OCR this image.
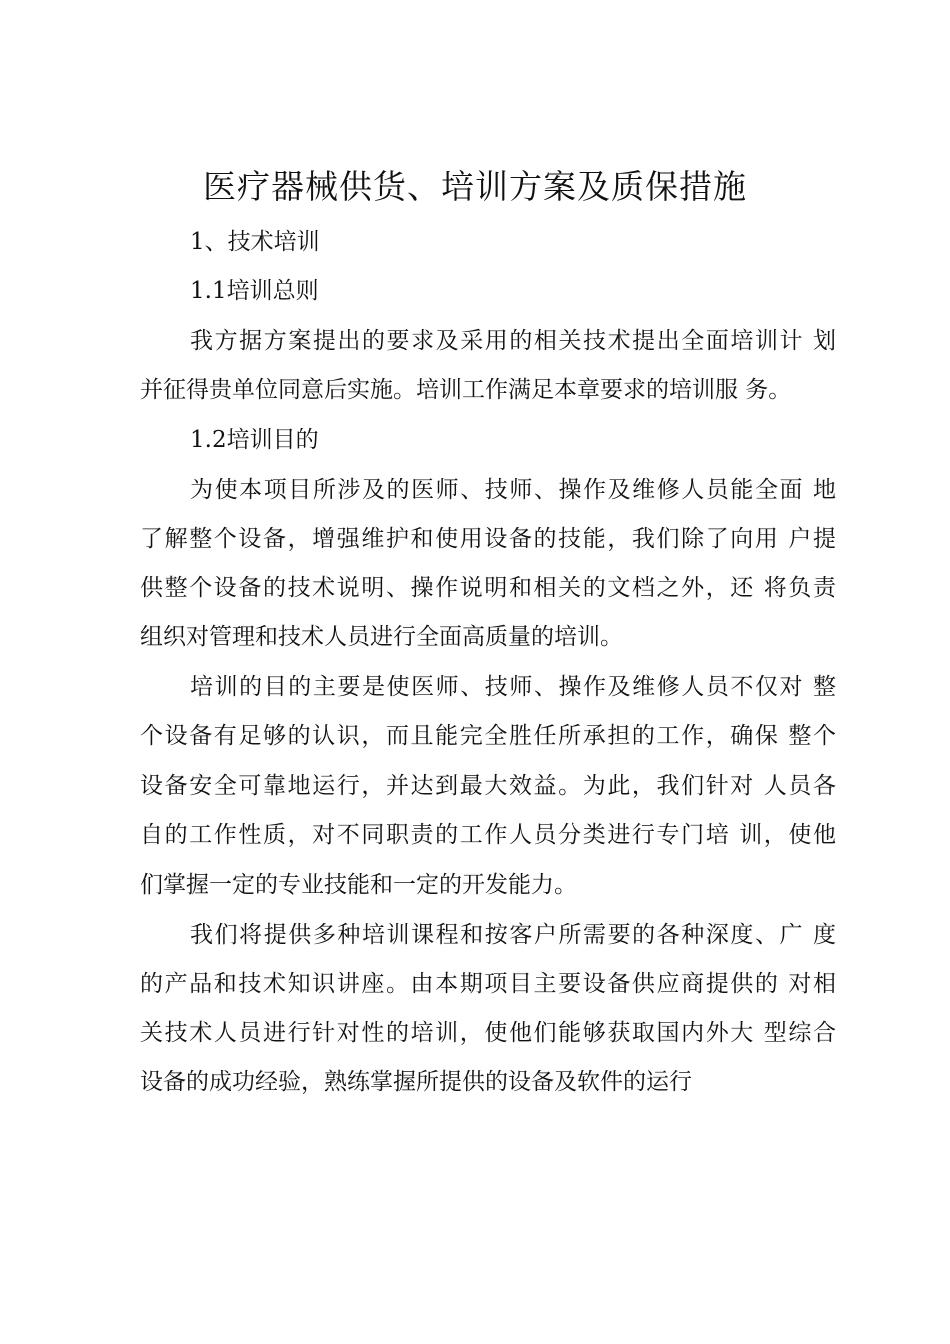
医疗器械供货、培训方案及质保措施
1、技术培训
1.1培训总则
我方据方案提出的要求及采用的相关技术提出全面培训计 划
并征得贵单位同意后实施。培训工作满足本章要求的培训服 务。
1.2培训目的
为使本项目所涉及的医师、技师、操作及维修人员能全面 地
了解整个设备，增强维护和使用设备的技能，我们除了向用 户提
供整个设备的技术说明、操作说明和相关的文档之外，还 将负责
组织对管理和技术人员进行全面高质量的培训。
培训的目的主要是使医师、技师、操作及维修人员不仅对 整
个设备有足够的认识，而且能完全胜任所承担的工作，确保 整个
设备安全可靠地运行，并达到最大效益。为此，我们针对 人员各
自的工作性质，对不同职责的工作人员分类进行专门培 训，使他
们掌握一定的专业技能和一定的开发能力。
我们将提供多种培训课程和按客户所需要的各种深度、广 度
的产品和技术知识讲座。由本期项目主要设备供应商提供的 对相
关技术人员进行针对性的培训，使他们能够获取国内外大 型综合
设备的成功经验，熟练掌握所提供的设备及软件的运行
